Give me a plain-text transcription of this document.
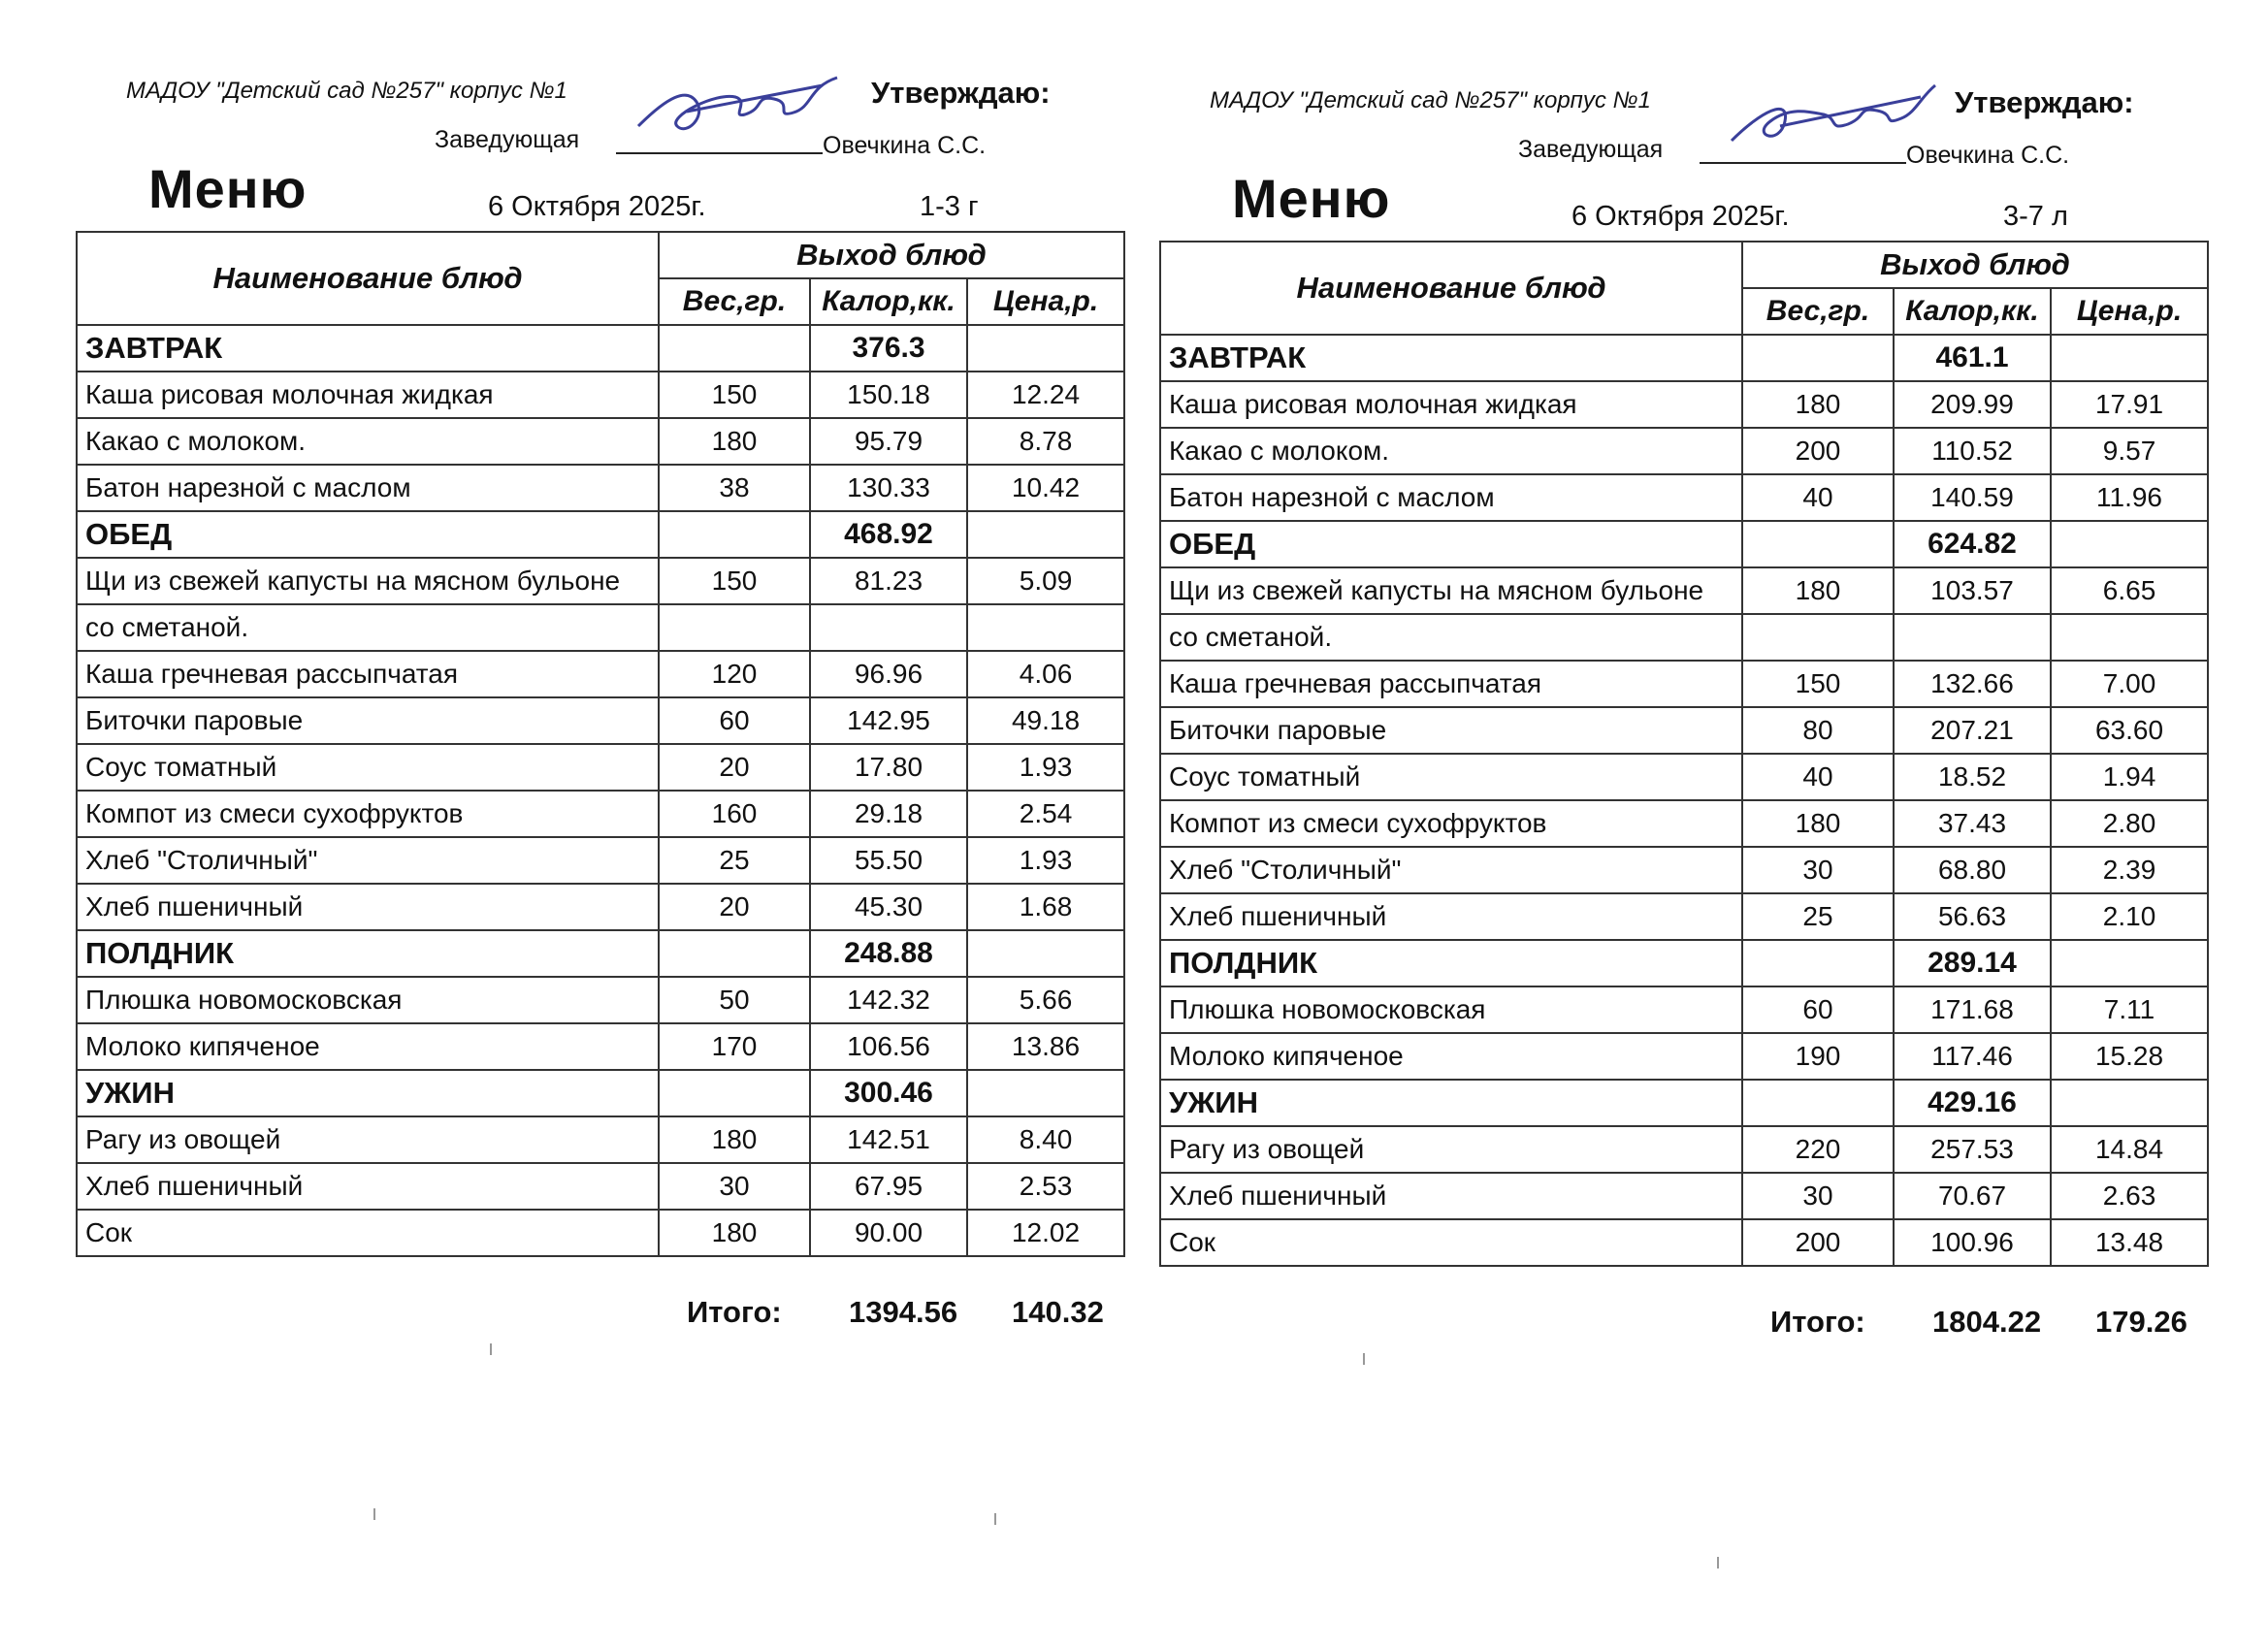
МАДОУ "Детский сад №257" корпус №1	Утверждаю:
Заведующая	Овечкина С.С.
Меню	6 Октября 2025г.	1-3 г
Наименование блюд	Выход блюд		
	Вес,гр.	Калор,кк.	Цена,р.
ЗАВТРАК		376.3	
Каша рисовая молочная жидкая	150	150.18	12.24
Какао с молоком.	180	95.79	8.78
Батон нарезной с маслом	38	130.33	10.42
ОБЕД		468.92	
Щи из свежей капусты на мясном бульоне	150	81.23	5.09
со сметаной.			
Каша гречневая рассыпчатая	120	96.96	4.06
Биточки паровые	60	142.95	49.18
Соус томатный	20	17.80	1.93
Компот из смеси сухофруктов	160	29.18	2.54
Хлеб "Столичный"	25	55.50	1.93
Хлеб пшеничный	20	45.30	1.68
ПОЛДНИК		248.88	
Плюшка новомосковская	50	142.32	5.66
Молоко кипяченое	170	106.56	13.86
УЖИН		300.46	
Рагу из овощей	180	142.51	8.40
Хлеб пшеничный	30	67.95	2.53
Сок	180	90.00	12.02
Итого: 1394.56 140.32
МАДОУ "Детский сад №257" корпус №1	Утверждаю:
Заведующая	Овечкина С.С.
Меню	6 Октября 2025г.	3-7 л
Наименование блюд	Выход блюд		
	Вес,гр.	Калор,кк.	Цена,р.
ЗАВТРАК		461.1	
Каша рисовая молочная жидкая	180	209.99	17.91
Какао с молоком.	200	110.52	9.57
Батон нарезной с маслом	40	140.59	11.96
ОБЕД		624.82	
Щи из свежей капусты на мясном бульоне	180	103.57	6.65
со сметаной.			
Каша гречневая рассыпчатая	150	132.66	7.00
Биточки паровые	80	207.21	63.60
Соус томатный	40	18.52	1.94
Компот из смеси сухофруктов	180	37.43	2.80
Хлеб "Столичный"	30	68.80	2.39
Хлеб пшеничный	25	56.63	2.10
ПОЛДНИК		289.14	
Плюшка новомосковская	60	171.68	7.11
Молоко кипяченое	190	117.46	15.28
УЖИН		429.16	
Рагу из овощей	220	257.53	14.84
Хлеб пшеничный	30	70.67	2.63
Сок	200	100.96	13.48
Итого: 1804.22 179.26
